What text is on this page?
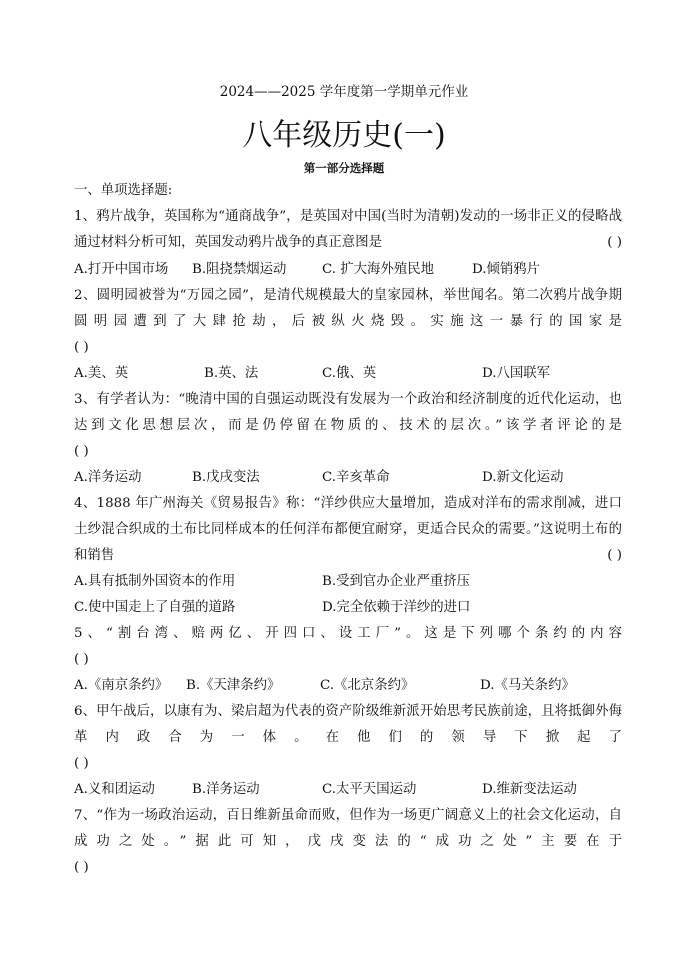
2024——2025 学年度第一学期单元作业
八年级历史(一)
第一部分选择题
一、单项选择题:
1、鸦片战争，英国称为“通商战争”，是英国对中国(当时为清朝)发动的一场非正义的侵略战
通过材料分析可知，英国发动鸦片战争的真正意图是	( )
A.打开中国市场 B.阻挠禁烟运动	C. 扩大海外殖民地	D.倾销鸦片
2、圆明园被誉为“万园之园”，是清代规模最大的皇家园林，举世闻名。第二次鸦片战争期
圆明园遭到了大肆抢劫，后被纵火烧毁。实施这一暴行的国家是
( )
A.美、英	B.英、法	C.俄、英	D.八国联军
3、有学者认为：“晚清中国的自强运动既没有发展为一个政治和经济制度的近代化运动，也
达到文化思想层次，而是仍停留在物质的、技术的层次。”该学者评论的是
( )
A.洋务运动	B.戊戌变法	C.辛亥革命	D.新文化运动
4、1888 年广州海关《贸易报告》称：“洋纱供应大量增加，造成对洋布的需求削减，进口
土纱混合织成的土布比同样成本的任何洋布都便宜耐穿，更适合民众的需要。”这说明土布的
和销售	( )
A.具有抵制外国资本的作用	B.受到官办企业严重挤压
C.使中国走上了自强的道路	D.完全依赖于洋纱的进口
5、“割台湾、赔两亿、开四口、设工厂”。这是下列哪个条约的内容
( )
A.《南京条约》 B.《天津条约》	C.《北京条约》	D.《马关条约》
6、甲午战后，以康有为、梁启超为代表的资产阶级维新派开始思考民族前途，且将抵御外侮
革内政合为一体。在他们的领导下掀起了
( )
A.义和团运动	B.洋务运动	C.太平天国运动	D.维新变法运动
7、“作为一场政治运动，百日维新虽命而败，但作为一场更广阔意义上的社会文化运动，自
成功之处。”据此可知，戊戌变法的“成功之处”主要在于
( )
